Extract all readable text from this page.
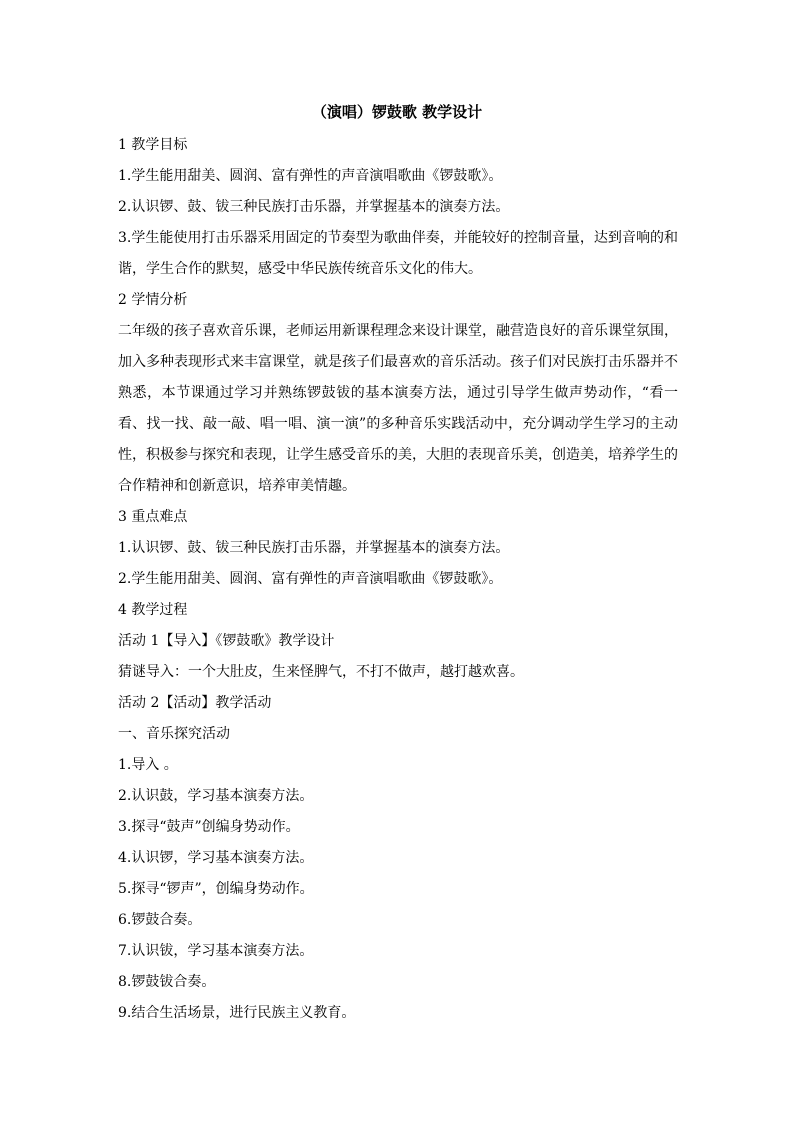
（演唱）锣鼓歌 教学设计
1 教学目标
1.学生能用甜美、圆润、富有弹性的声音演唱歌曲《锣鼓歌》。
2.认识锣、鼓、钹三种民族打击乐器，并掌握基本的演奏方法。
3.学生能使用打击乐器采用固定的节奏型为歌曲伴奏，并能较好的控制音量，达到音响的和谐，学生合作的默契，感受中华民族传统音乐文化的伟大。
2 学情分析
二年级的孩子喜欢音乐课，老师运用新课程理念来设计课堂，融营造良好的音乐课堂氛围，加入多种表现形式来丰富课堂，就是孩子们最喜欢的音乐活动。孩子们对民族打击乐器并不熟悉，本节课通过学习并熟练锣鼓钹的基本演奏方法，通过引导学生做声势动作，“看一看、找一找、敲一敲、唱一唱、演一演”的多种音乐实践活动中，充分调动学生学习的主动性，积极参与探究和表现，让学生感受音乐的美，大胆的表现音乐美，创造美，培养学生的合作精神和创新意识，培养审美情趣。
3 重点难点
1.认识锣、鼓、钹三种民族打击乐器，并掌握基本的演奏方法。
2.学生能用甜美、圆润、富有弹性的声音演唱歌曲《锣鼓歌》。
4 教学过程
活动 1【导入】《锣鼓歌》教学设计
猜谜导入：一个大肚皮，生来怪脾气，不打不做声，越打越欢喜。
活动 2【活动】教学活动
一、音乐探究活动
1.导入 。
2.认识鼓，学习基本演奏方法。
3.探寻“鼓声”创编身势动作。
4.认识锣，学习基本演奏方法。
5.探寻“锣声”，创编身势动作。
6.锣鼓合奏。
7.认识钹，学习基本演奏方法。
8.锣鼓钹合奏。
9.结合生活场景，进行民族主义教育。
